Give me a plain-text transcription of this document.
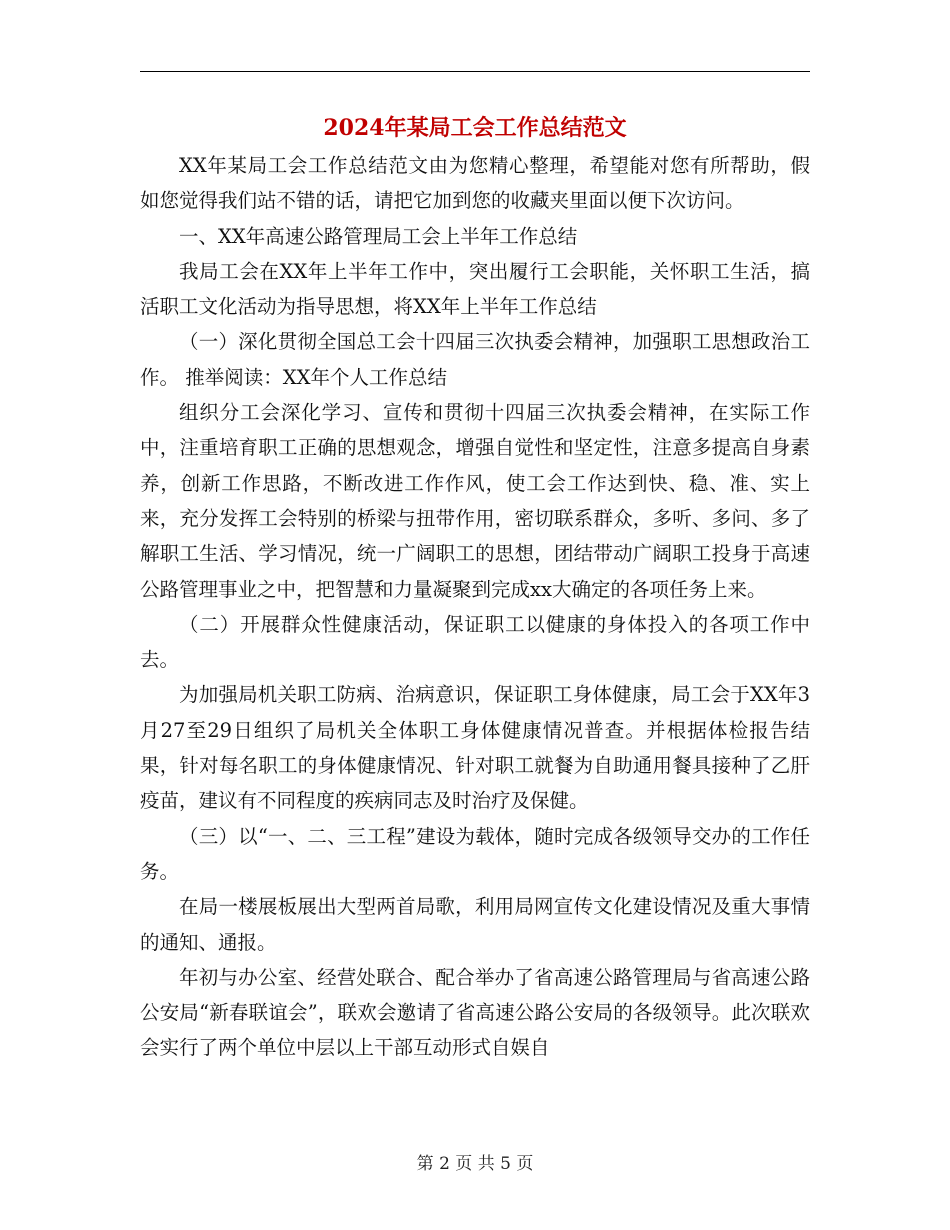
2024年某局工会工作总结范文

XX年某局工会工作总结范文由为您精心整理，希望能对您有所帮助，假如您觉得我们站不错的话，请把它加到您的收藏夹里面以便下次访问。

一、XX年高速公路管理局工会上半年工作总结

我局工会在XX年上半年工作中，突出履行工会职能，关怀职工生活，搞活职工文化活动为指导思想，将XX年上半年工作总结

（一）深化贯彻全国总工会十四届三次执委会精神，加强职工思想政治工作。 推举阅读：XX年个人工作总结

组织分工会深化学习、宣传和贯彻十四届三次执委会精神，在实际工作中，注重培育职工正确的思想观念，增强自觉性和坚定性，注意多提高自身素养，创新工作思路，不断改进工作作风，使工会工作达到快、稳、准、实上来，充分发挥工会特别的桥梁与扭带作用，密切联系群众，多听、多问、多了解职工生活、学习情况，统一广阔职工的思想，团结带动广阔职工投身于高速公路管理事业之中，把智慧和力量凝聚到完成xx大确定的各项任务上来。

（二）开展群众性健康活动，保证职工以健康的身体投入的各项工作中去。

为加强局机关职工防病、治病意识，保证职工身体健康，局工会于XX年3月27至29日组织了局机关全体职工身体健康情况普查。并根据体检报告结果，针对每名职工的身体健康情况、针对职工就餐为自助通用餐具接种了乙肝疫苗，建议有不同程度的疾病同志及时治疗及保健。

（三）以“一、二、三工程”建设为载体，随时完成各级领导交办的工作任务。

在局一楼展板展出大型两首局歌，利用局网宣传文化建设情况及重大事情的通知、通报。

年初与办公室、经营处联合、配合举办了省高速公路管理局与省高速公路公安局“新春联谊会”，联欢会邀请了省高速公路公安局的各级领导。此次联欢会实行了两个单位中层以上干部互动形式自娱自

第 2 页 共 5 页
